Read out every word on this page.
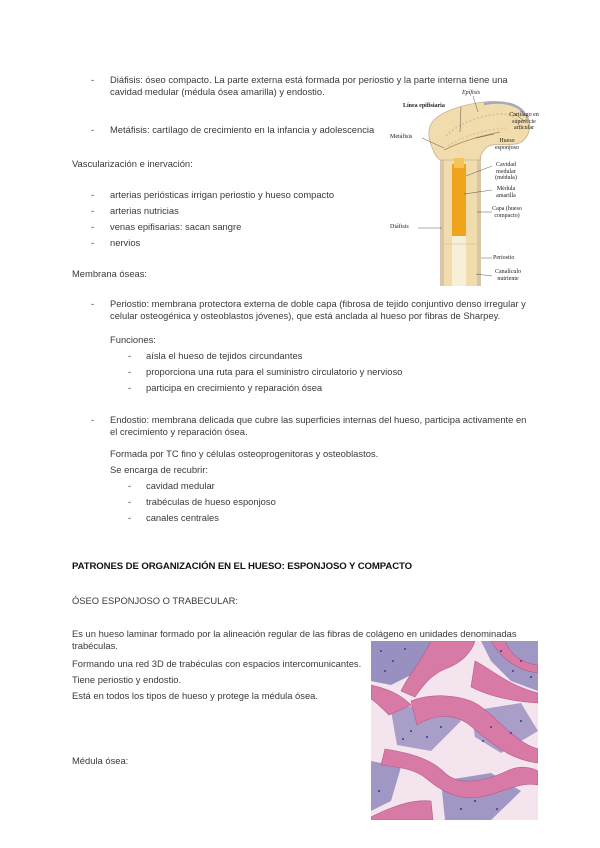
- Diáfisis: óseo compacto. La parte externa está formada por periostio y la parte interna tiene una cavidad medular (médula ósea amarilla) y endostio.
- Metáfisis: cartílago de crecimiento en la infancia y adolescencia
Vascularización e inervación:
- arterias periósticas irrigan periostio y hueso compacto
- arterias nutricias
- venas epifisarias: sacan sangre
- nervios
Membrana óseas:
- Periostio: membrana protectora externa de doble capa (fibrosa de tejido conjuntivo denso irregular y celular osteogénica y osteoblastos jóvenes), que está anclada al hueso por fibras de Sharpey.
Funciones:
- aísla el hueso de tejidos circundantes
- proporciona una ruta para el suministro circulatorio y nervioso
- participa en crecimiento y reparación ósea
- Endostio: membrana delicada que cubre las superficies internas del hueso, participa activamente en el crecimiento y reparación ósea.
Formada por TC fino y células osteoprogenitoras y osteoblastos.
Se encarga de recubrir:
- cavidad medular
- trabéculas de hueso esponjoso
- canales centrales
PATRONES DE ORGANIZACIÓN EN EL HUESO: ESPONJOSO Y COMPACTO
ÓSEO ESPONJOSO O TRABECULAR:
Es un hueso laminar formado por la alineación regular de las fibras de colágeno en unidades denominadas trabéculas.
Formando una red 3D de trabéculas con espacios intercomunicantes.
Tiene periostio y endostio.
Está en todos los tipos de hueso y protege la médula ósea.
Médula ósea:
Epífisis
Línea epifisiaria
Metáfisis
Diáfisis
Cartílago en superficie articular
Hueso esponjoso
Cavidad medular (médula)
Médula amarilla
Capa (hueso compacto)
Periostio
Canalículo nutriente
